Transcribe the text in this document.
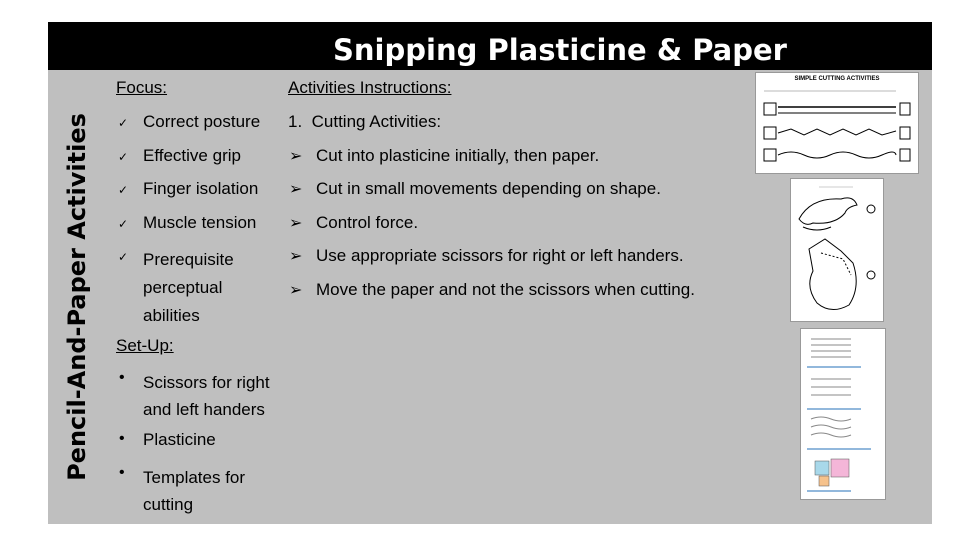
Snipping Plasticine & Paper
Pencil-And-Paper Activities
Focus:
✓ Correct posture
✓ Effective grip
✓ Finger isolation
✓ Muscle tension
✓ Prerequisite perceptual abilities
Set-Up:
• Scissors for right and left handers
• Plasticine
• Templates for cutting
Activities Instructions:
1.  Cutting Activities:
➢ Cut into plasticine initially, then paper.
➢ Cut in small movements depending on shape.
➢ Control force.
➢ Use appropriate scissors for right or left handers.
➢ Move the paper and not the scissors when cutting.
SIMPLE CUTTING ACTIVITIES
